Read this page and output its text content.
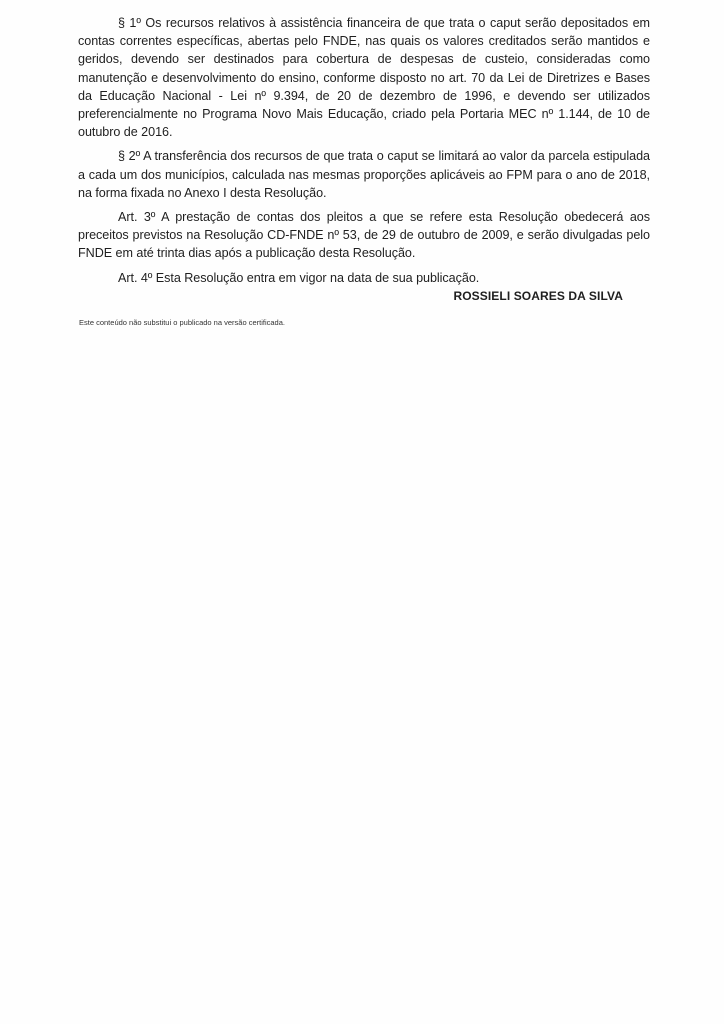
§ 1º Os recursos relativos à assistência financeira de que trata o caput serão depositados em contas correntes específicas, abertas pelo FNDE, nas quais os valores creditados serão mantidos e geridos, devendo ser destinados para cobertura de despesas de custeio, consideradas como manutenção e desenvolvimento do ensino, conforme disposto no art. 70 da Lei de Diretrizes e Bases da Educação Nacional - Lei nº 9.394, de 20 de dezembro de 1996, e devendo ser utilizados preferencialmente no Programa Novo Mais Educação, criado pela Portaria MEC nº 1.144, de 10 de outubro de 2016.

§ 2º A transferência dos recursos de que trata o caput se limitará ao valor da parcela estipulada a cada um dos municípios, calculada nas mesmas proporções aplicáveis ao FPM para o ano de 2018, na forma fixada no Anexo I desta Resolução.

Art. 3º A prestação de contas dos pleitos a que se refere esta Resolução obedecerá aos preceitos previstos na Resolução CD-FNDE nº 53, de 29 de outubro de 2009, e serão divulgadas pelo FNDE em até trinta dias após a publicação desta Resolução.

Art. 4º Esta Resolução entra em vigor na data de sua publicação.

ROSSIELI SOARES DA SILVA
Este conteúdo não substitui o publicado na versão certificada.
